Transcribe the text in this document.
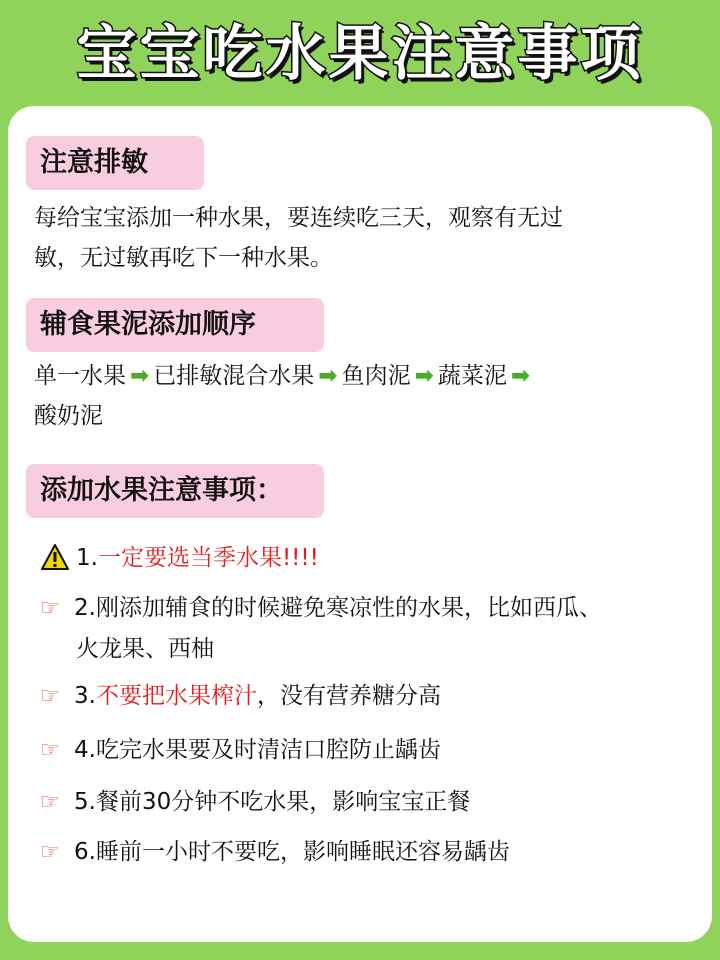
宝宝吃水果注意事项
注意排敏
每给宝宝添加一种水果，要连续吃三天，观察有无过
敏，无过敏再吃下一种水果。
辅食果泥添加顺序
单一水果 ➡ 已排敏混合水果 ➡ 鱼肉泥 ➡ 蔬菜泥 ➡
酸奶泥
添加水果注意事项：
1.一定要选当季水果!!!!
☞ 2.刚添加辅食的时候避免寒凉性的水果，比如西瓜、
火龙果、西柚
☞ 3.不要把水果榨汁，没有营养糖分高
☞ 4.吃完水果要及时清洁口腔防止龋齿
☞ 5.餐前30分钟不吃水果，影响宝宝正餐
☞ 6.睡前一小时不要吃，影响睡眠还容易龋齿
